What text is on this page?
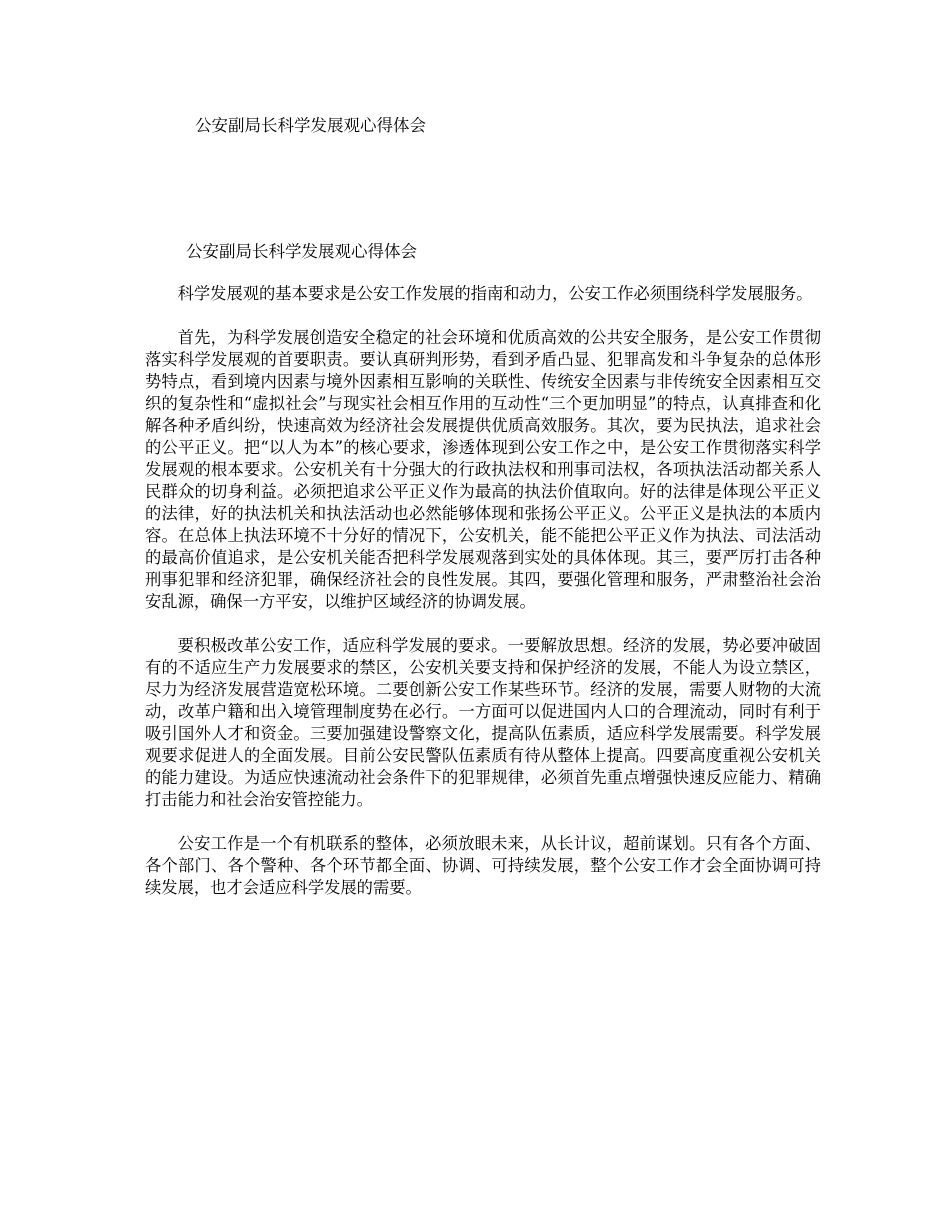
公安副局长科学发展观心得体会
公安副局长科学发展观心得体会

科学发展观的基本要求是公安工作发展的指南和动力，公安工作必须围绕科学发展服务。

首先，为科学发展创造安全稳定的社会环境和优质高效的公共安全服务，是公安工作贯彻落实科学发展观的首要职责。要认真研判形势，看到矛盾凸显、犯罪高发和斗争复杂的总体形势特点，看到境内因素与境外因素相互影响的关联性、传统安全因素与非传统安全因素相互交织的复杂性和“虚拟社会”与现实社会相互作用的互动性“三个更加明显”的特点，认真排查和化解各种矛盾纠纷，快速高效为经济社会发展提供优质高效服务。其次，要为民执法，追求社会的公平正义。把“以人为本”的核心要求，渗透体现到公安工作之中，是公安工作贯彻落实科学发展观的根本要求。公安机关有十分强大的行政执法权和刑事司法权，各项执法活动都关系人民群众的切身利益。必须把追求公平正义作为最高的执法价值取向。好的法律是体现公平正义的法律，好的执法机关和执法活动也必然能够体现和张扬公平正义。公平正义是执法的本质内容。在总体上执法环境不十分好的情况下，公安机关，能不能把公平正义作为执法、司法活动的最高价值追求，是公安机关能否把科学发展观落到实处的具体体现。其三，要严厉打击各种刑事犯罪和经济犯罪，确保经济社会的良性发展。其四，要强化管理和服务，严肃整治社会治安乱源，确保一方平安，以维护区域经济的协调发展。

要积极改革公安工作，适应科学发展的要求。一要解放思想。经济的发展，势必要冲破固有的不适应生产力发展要求的禁区，公安机关要支持和保护经济的发展，不能人为设立禁区，尽力为经济发展营造宽松环境。二要创新公安工作某些环节。经济的发展，需要人财物的大流动，改革户籍和出入境管理制度势在必行。一方面可以促进国内人口的合理流动，同时有利于吸引国外人才和资金。三要加强建设警察文化，提高队伍素质，适应科学发展需要。科学发展观要求促进人的全面发展。目前公安民警队伍素质有待从整体上提高。四要高度重视公安机关的能力建设。为适应快速流动社会条件下的犯罪规律，必须首先重点增强快速反应能力、精确打击能力和社会治安管控能力。

公安工作是一个有机联系的整体，必须放眼未来，从长计议，超前谋划。只有各个方面、各个部门、各个警种、各个环节都全面、协调、可持续发展，整个公安工作才会全面协调可持续发展，也才会适应科学发展的需要。
